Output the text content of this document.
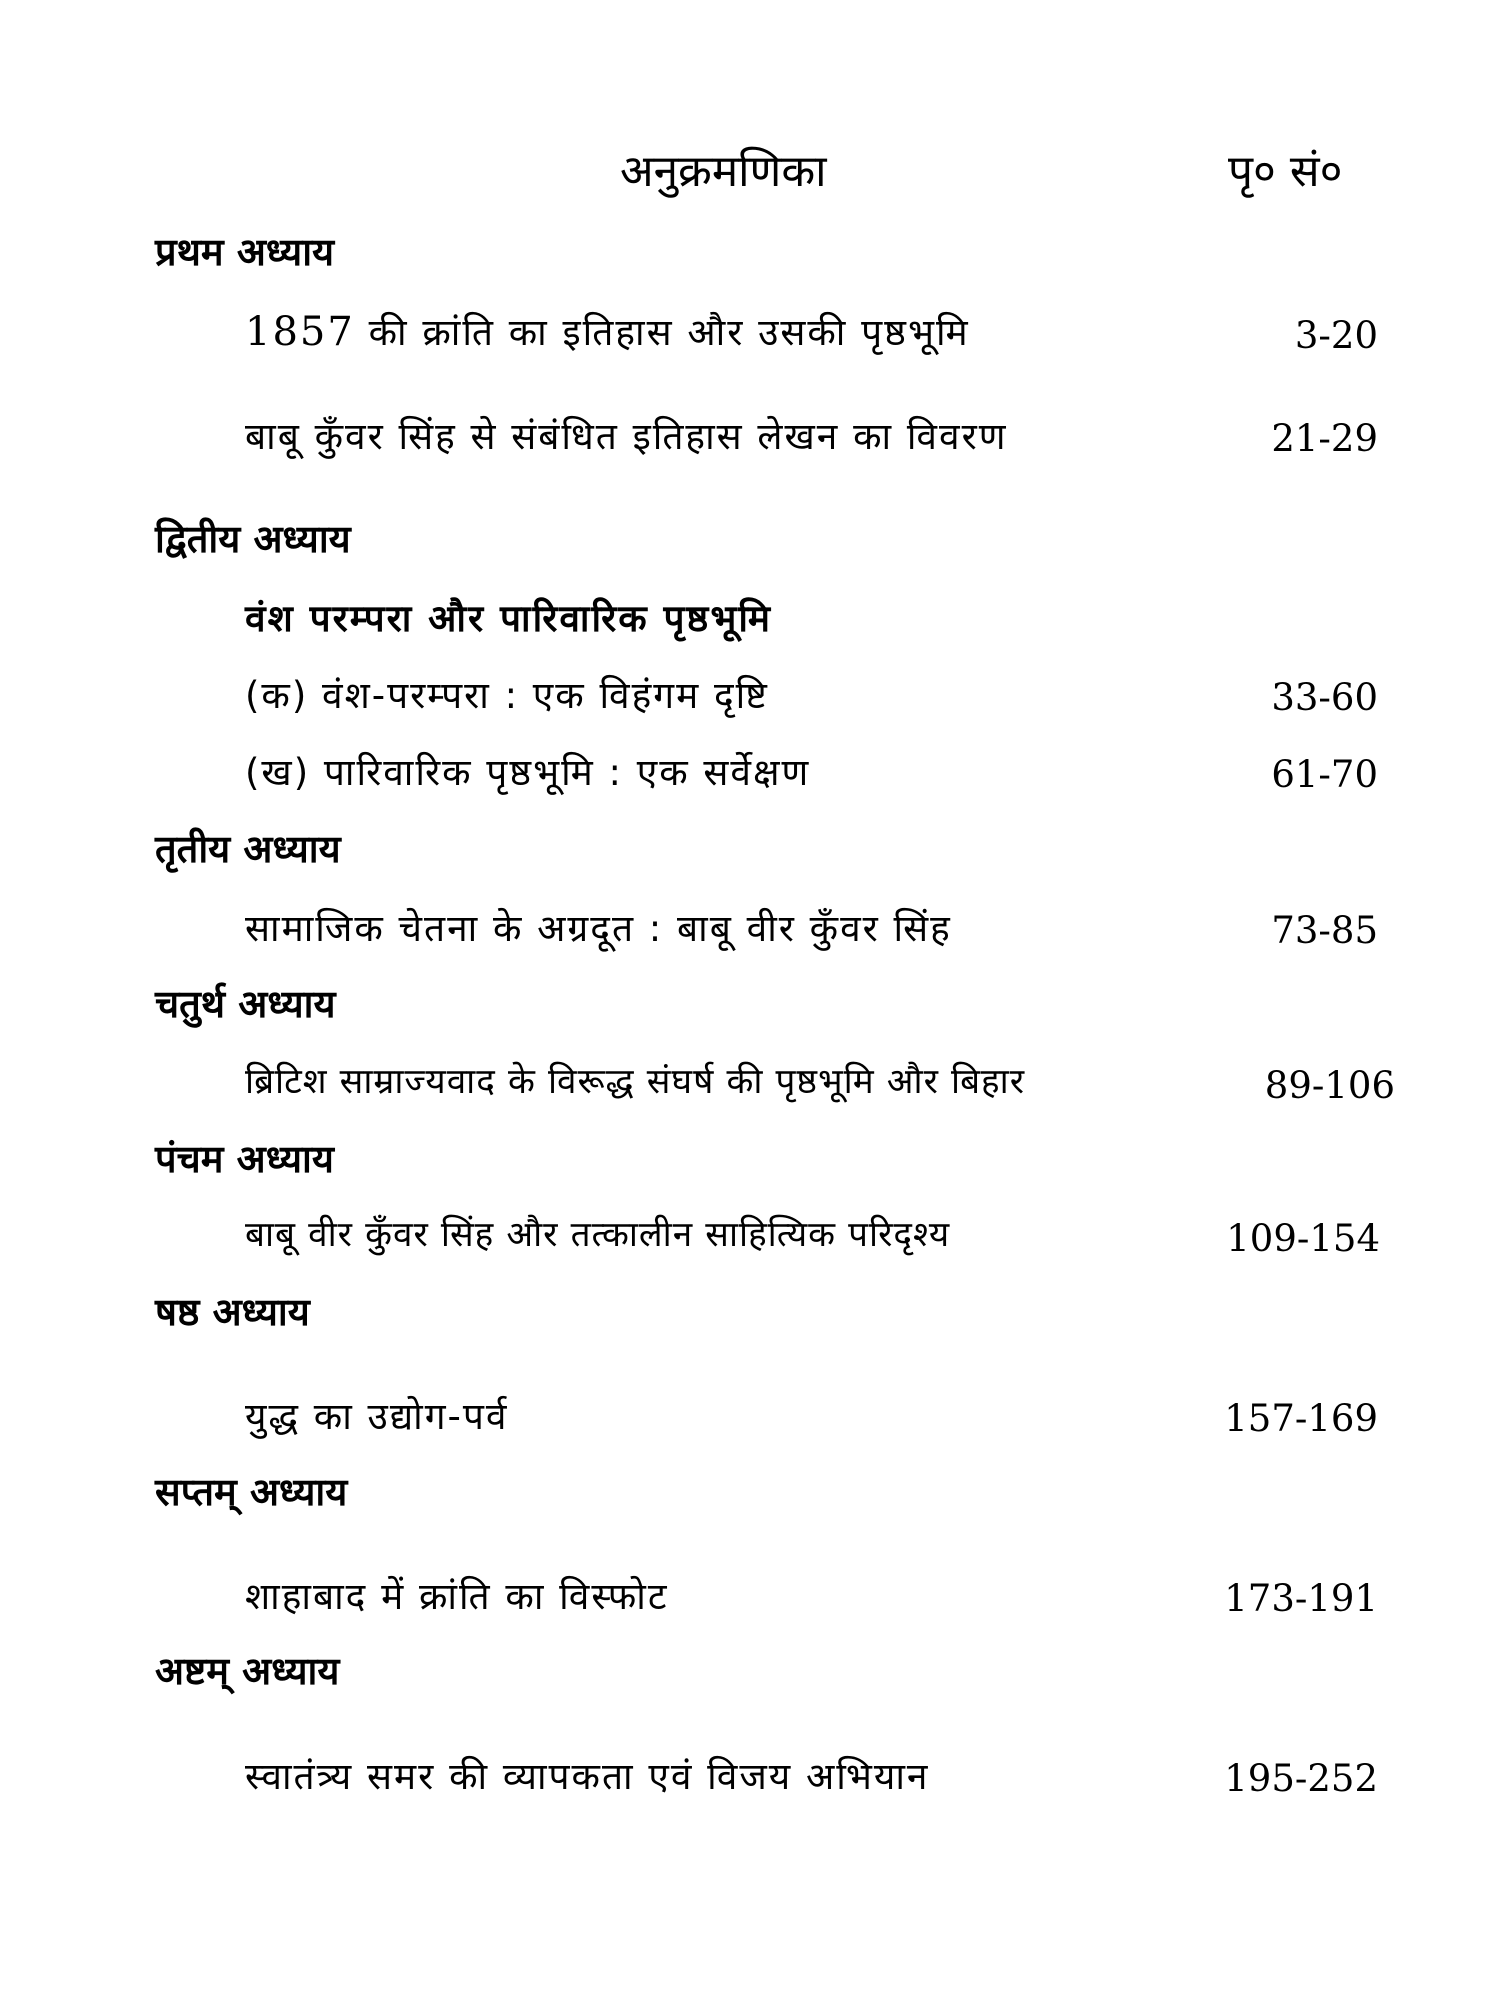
अनुक्रमणिका	पृ० सं०
प्रथम अध्याय
1857 की क्रांति का इतिहास और उसकी पृष्ठभूमि	3-20
बाबू कुँवर सिंह से संबंधित इतिहास लेखन का विवरण	21-29
द्वितीय अध्याय
वंश परम्परा और पारिवारिक पृष्ठभूमि
(क) वंश-परम्परा : एक विहंगम दृष्टि	33-60
(ख) पारिवारिक पृष्ठभूमि : एक सर्वेक्षण	61-70
तृतीय अध्याय
सामाजिक चेतना के अग्रदूत : बाबू वीर कुँवर सिंह	73-85
चतुर्थ अध्याय
ब्रिटिश साम्राज्यवाद के विरूद्ध संघर्ष की पृष्ठभूमि और बिहार	89-106
पंचम अध्याय
बाबू वीर कुँवर सिंह और तत्कालीन साहित्यिक परिदृश्य	109-154
षष्ठ अध्याय
युद्ध का उद्योग-पर्व	157-169
सप्तम् अध्याय
शाहाबाद में क्रांति का विस्फोट	173-191
अष्टम् अध्याय
स्वातंत्र्य समर की व्यापकता एवं विजय अभियान	195-252
